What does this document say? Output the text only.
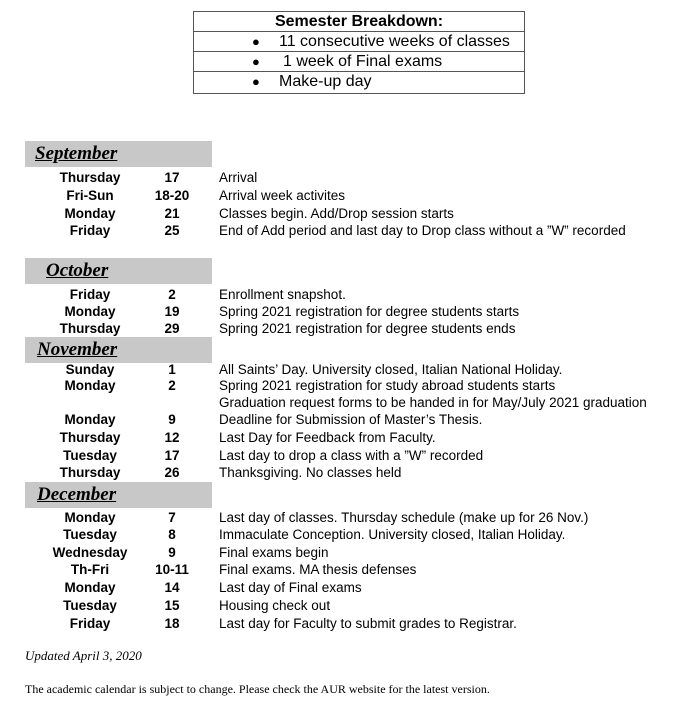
Semester Breakdown:
● 11 consecutive weeks of classes
● 1 week of Final exams
● Make-up day
September
Thursday	17	Arrival
Fri-Sun	18-20	Arrival week activites
Monday	21	Classes begin. Add/Drop session starts
Friday	25	End of Add period and last day to Drop class without a ”W” recorded
October
Friday	2	Enrollment snapshot.
Monday	19	Spring 2021 registration for degree students starts
Thursday	29	Spring 2021 registration for degree students ends
November
Sunday	1	All Saints’ Day. University closed, Italian National Holiday.
Monday	2	Spring 2021 registration for study abroad students starts
Graduation request forms to be handed in for May/July 2021 graduation
Monday	9	Deadline for Submission of Master’s Thesis.
Thursday	12	Last Day for Feedback from Faculty.
Tuesday	17	Last day to drop a class with a ”W” recorded
Thursday	26	Thanksgiving. No classes held
December
Monday	7	Last day of classes. Thursday schedule (make up for 26 Nov.)
Tuesday	8	Immaculate Conception. University closed, Italian Holiday.
Wednesday	9	Final exams begin
Th-Fri	10-11	Final exams. MA thesis defenses
Monday	14	Last day of Final exams
Tuesday	15	Housing check out
Friday	18	Last day for Faculty to submit grades to Registrar.
Updated April 3, 2020
The academic calendar is subject to change. Please check the AUR website for the latest version.
